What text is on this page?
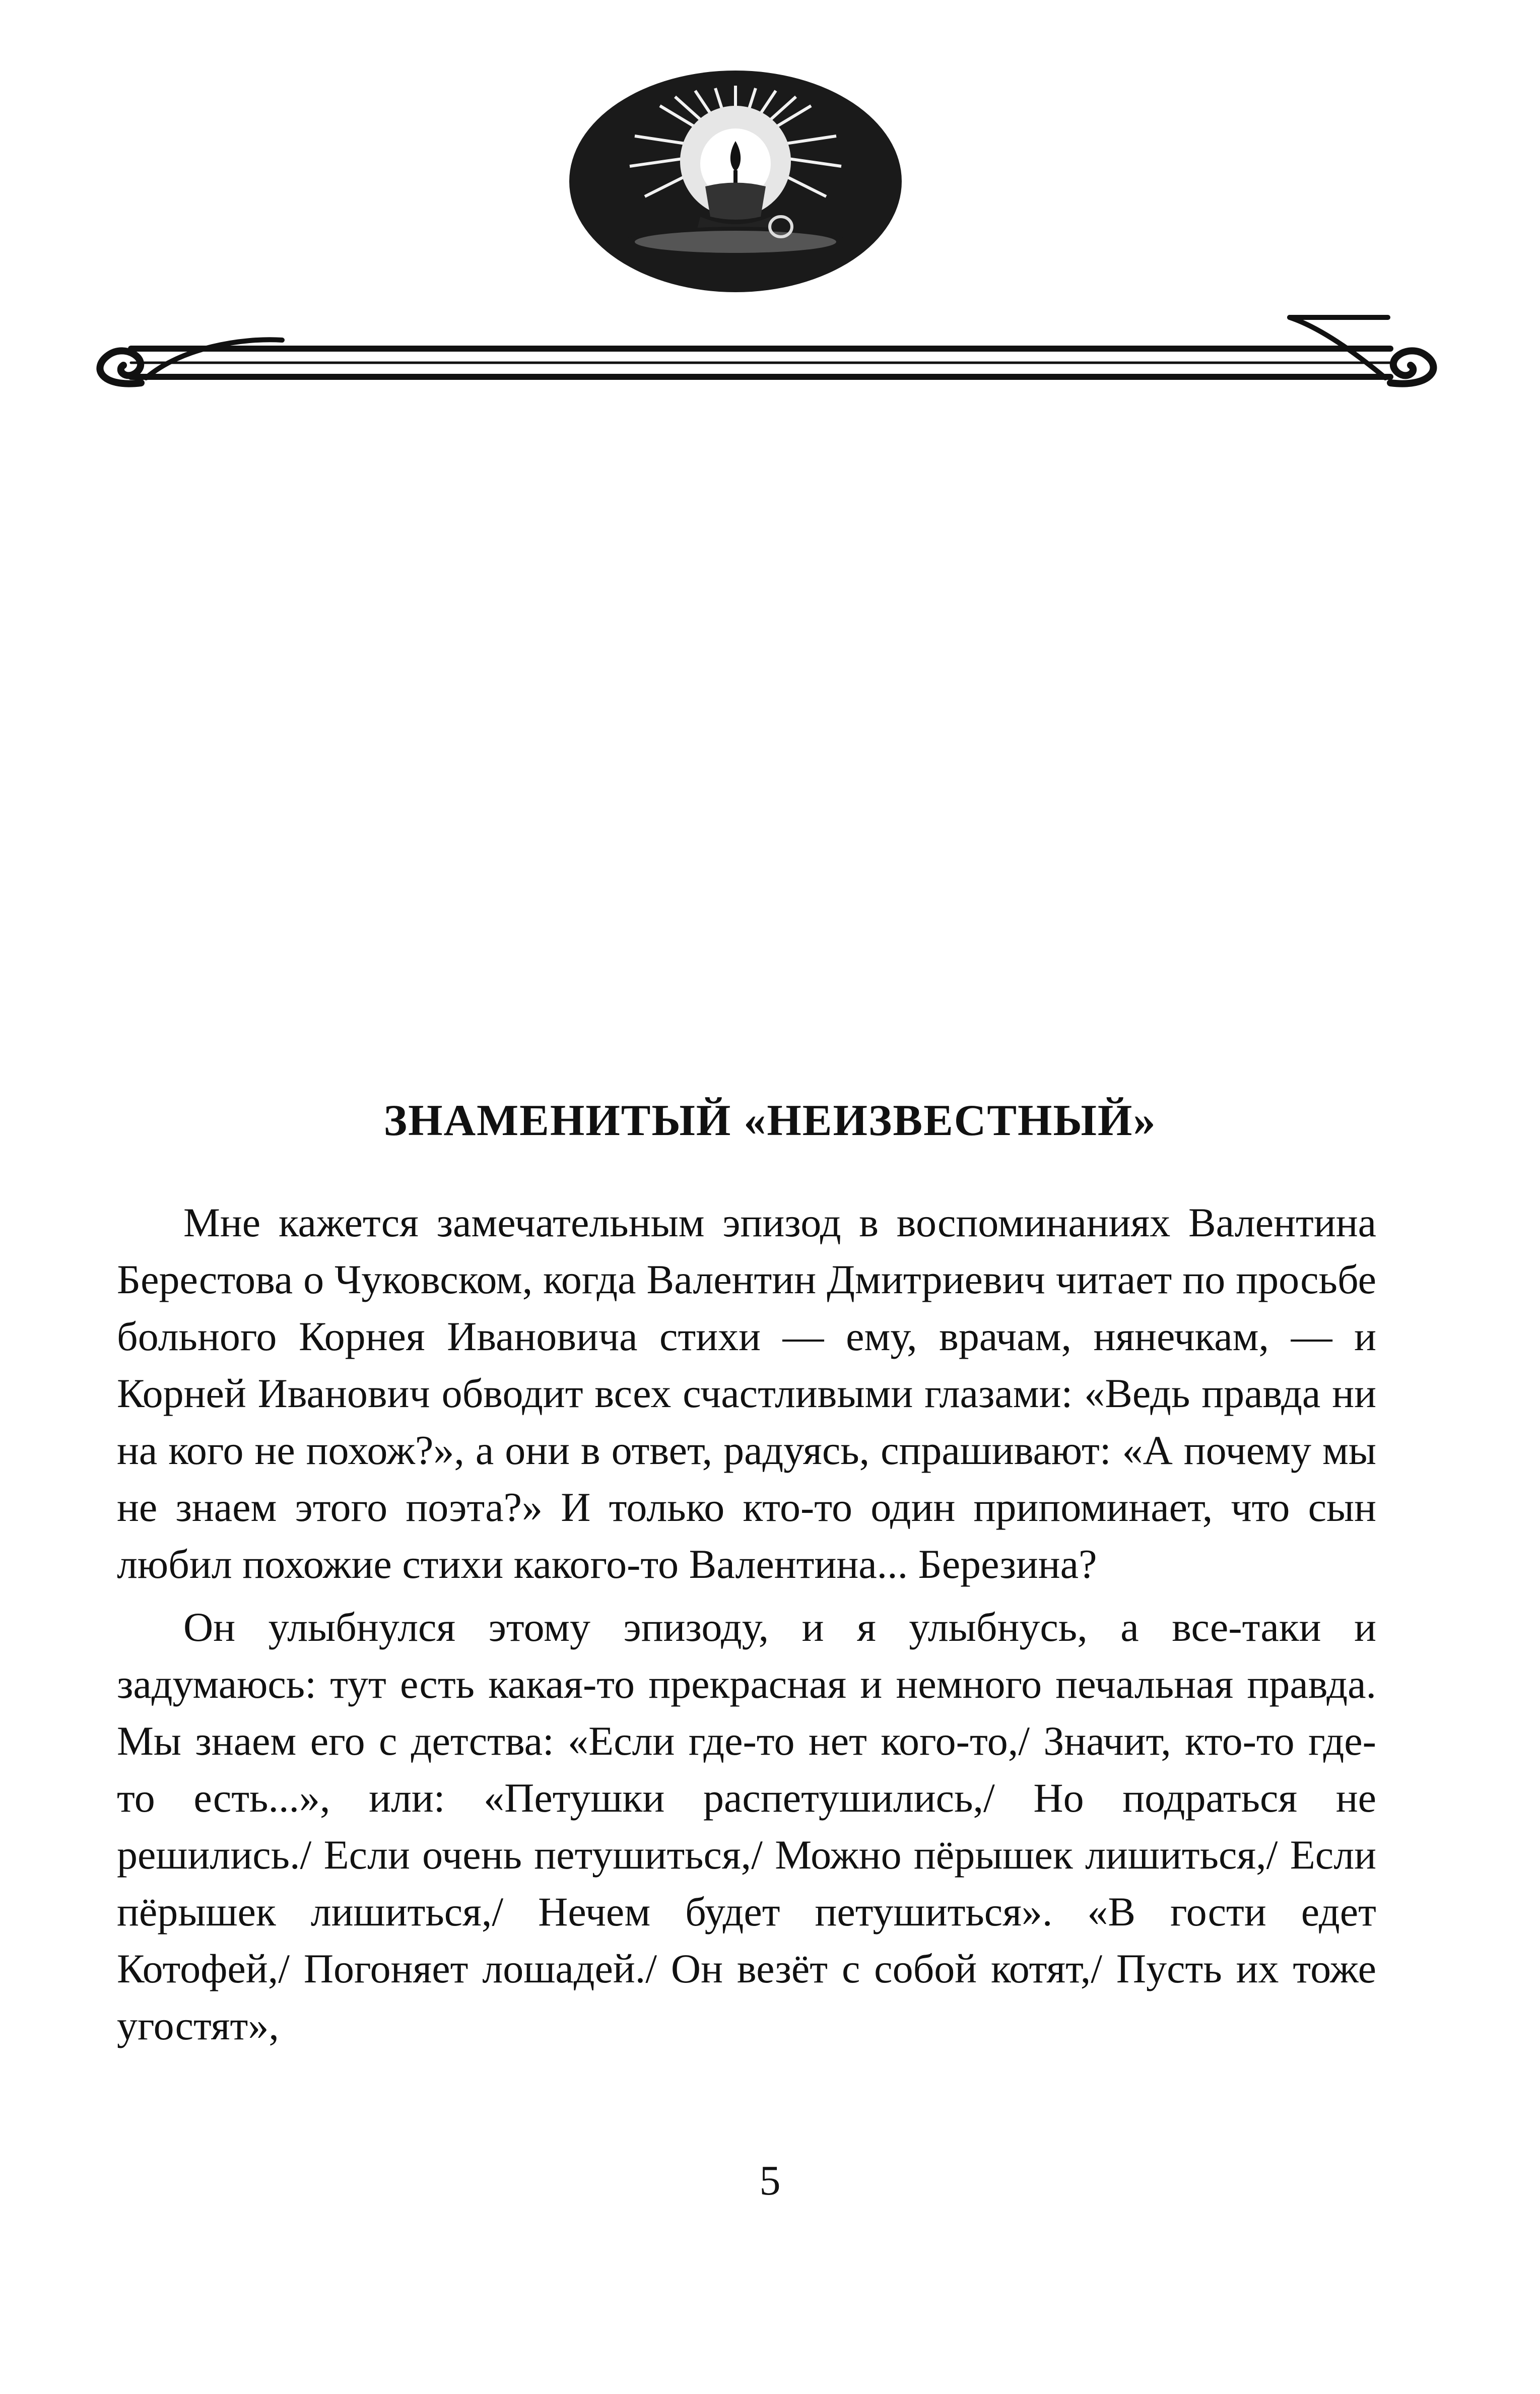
ЗНАМЕНИТЫЙ «НЕИЗВЕСТНЫЙ»

Мне кажется замечательным эпизод в воспоминаниях Валентина Берестова о Чуковском, когда Валентин Дмитриевич читает по просьбе больного Корнея Ивановича стихи — ему, врачам, нянечкам, — и Корней Иванович обводит всех счастливыми глазами: «Ведь правда ни на кого не похож?», а они в ответ, радуясь, спрашивают: «А почему мы не знаем этого поэта?» И только кто-то один припоминает, что сын любил похожие стихи какого-то Валентина... Березина?

Он улыбнулся этому эпизоду, и я улыбнусь, а все-таки и задумаюсь: тут есть какая-то прекрасная и немного печальная правда. Мы знаем его с детства: «Если где-то нет кого-то,/ Значит, кто-то где-то есть...», или: «Петушки распетушились,/ Но подраться не решились./ Если очень петушиться,/ Можно пёрышек лишиться,/ Если пёрышек лишиться,/ Нечем будет петушиться». «В гости едет Котофей,/ Погоняет лошадей./ Он везёт с собой котят,/ Пусть их тоже угостят»,

5
